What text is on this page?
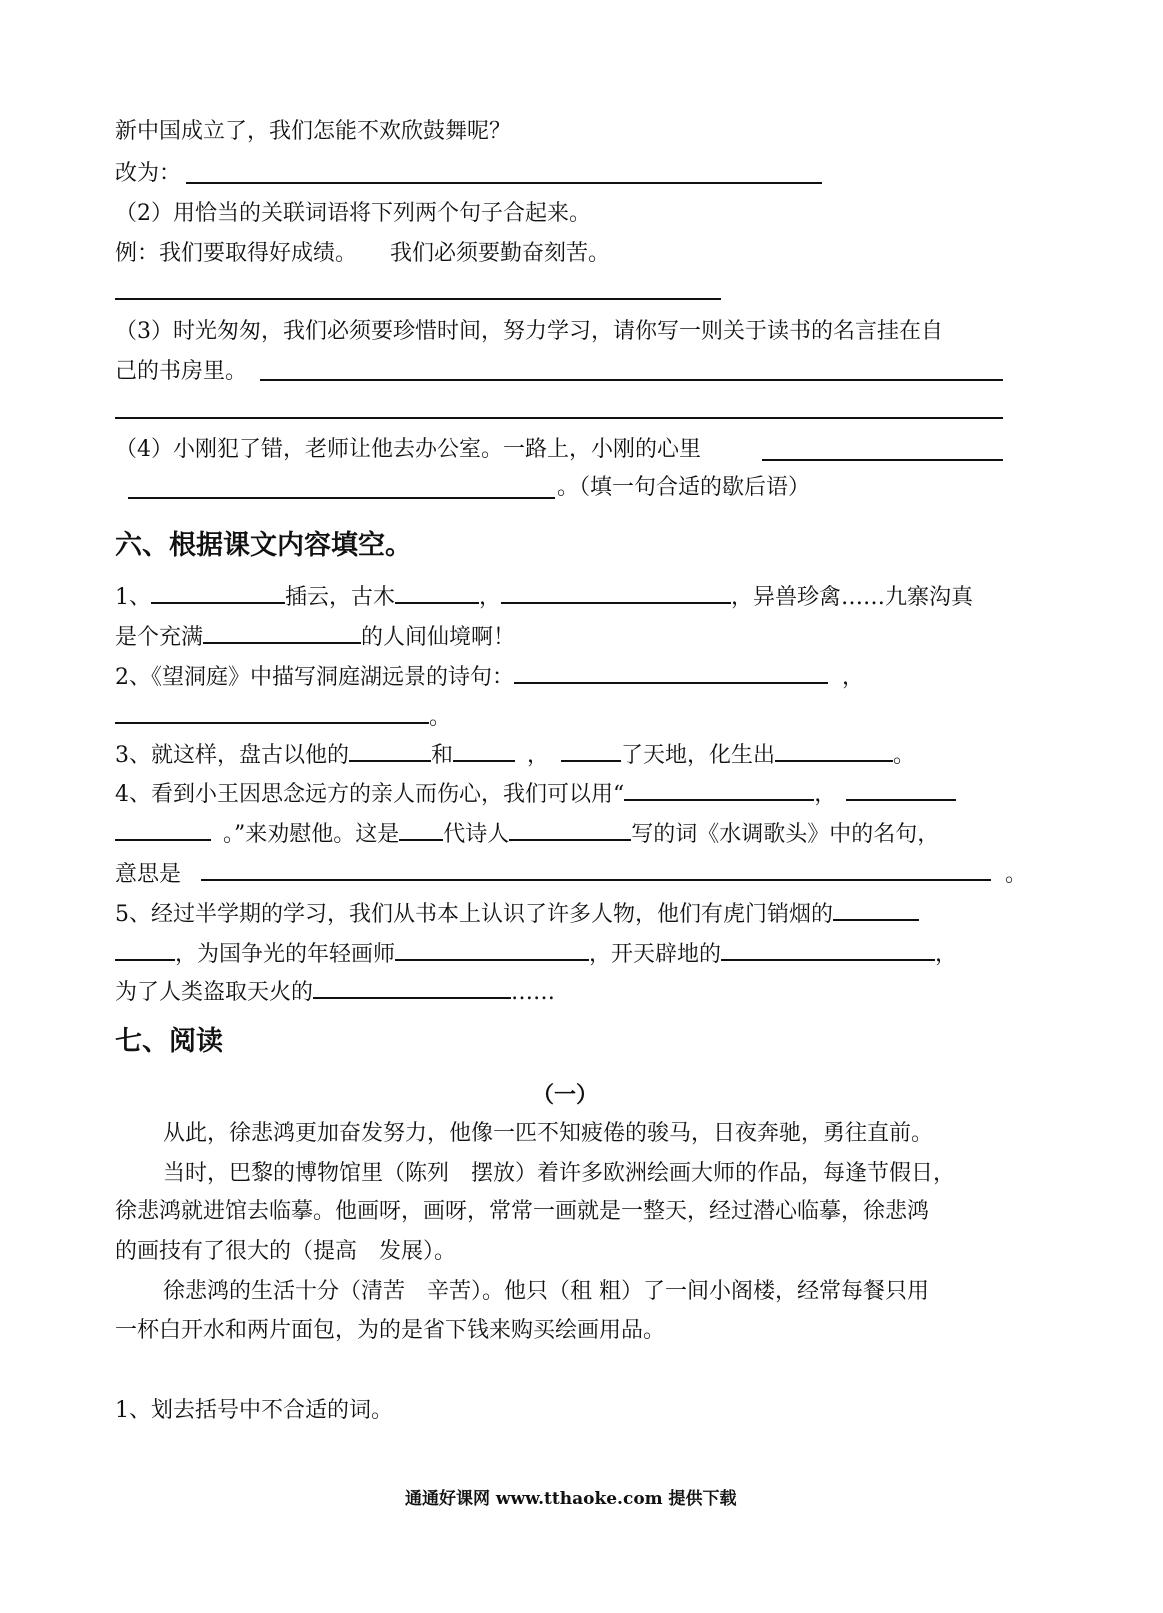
新中国成立了，我们怎能不欢欣鼓舞呢？
改为：
（2）用恰当的关联词语将下列两个句子合起来。
例：我们要取得好成绩。　　我们必须要勤奋刻苦。
（3）时光匆匆，我们必须要珍惜时间，努力学习，请你写一则关于读书的名言挂在自
己的书房里。
（4）小刚犯了错，老师让他去办公室。一路上，小刚的心里
。（填一句合适的歇后语）
六、根据课文内容填空。
1、	插云，古木	，	，异兽珍禽……九寨沟真
是个充满	的人间仙境啊！
2、《望洞庭》中描写洞庭湖远景的诗句：	，
。
3、就这样，盘古以他的	和	，	了天地，化生出	。
4、看到小王因思念远方的亲人而伤心，我们可以用“	，
。”来劝慰他。这是 代诗人	写的词《水调歌头》中的名句，
意思是	。
5、经过半学期的学习，我们从书本上认识了许多人物，他们有虎门销烟的
，为国争光的年轻画师	，开天辟地的	，
为了人类盗取天火的	……
七、阅读
（一）
从此，徐悲鸿更加奋发努力，他像一匹不知疲倦的骏马，日夜奔驰，勇往直前。
当时，巴黎的博物馆里（陈列　摆放）着许多欧洲绘画大师的作品，每逢节假日，
徐悲鸿就进馆去临摹。他画呀，画呀，常常一画就是一整天，经过潜心临摹，徐悲鸿
的画技有了很大的（提高　发展）。
徐悲鸿的生活十分（清苦　辛苦）。他只（租 粗）了一间小阁楼，经常每餐只用
一杯白开水和两片面包，为的是省下钱来购买绘画用品。
1、划去括号中不合适的词。
通通好课网 www.tthaoke.com 提供下载
